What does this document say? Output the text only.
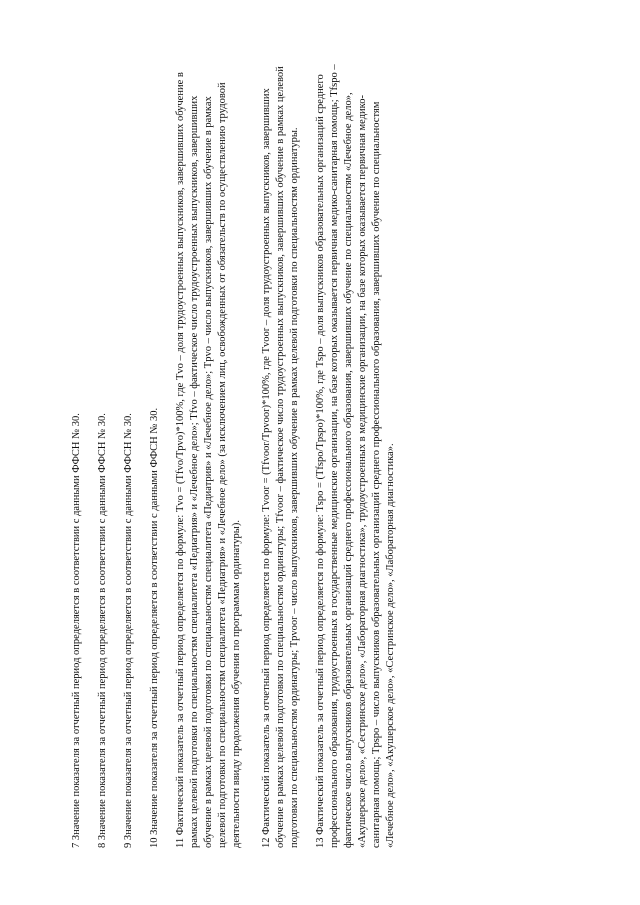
7 Значение показателя за отчетный период определяется в соответствии с данными ФФСН № 30. 8 Значение показателя за отчетный период определяется в соответствии с данными ФФСН № 30. 9 Значение показателя за отчетный период определяется в соответствии с данными ФФСН № 30. 10 Значение показателя за отчетный период определяется в соответствии с данными ФФСН № 30. 11 Фактический показатель за отчетный период определяется по формуле: Тvo = (Tfvo/Tpvo)*100%, где Тvo – доля трудоустроенных выпускников, завершивших обучение в рамках целевой подготовки по специальностям специалитета «Педиатрия» и «Лечебное дело»; Tfvo – фактическое число трудоустроенных выпускников, завершивших обучение в рамках целевой подготовки по специальностям специалитета «Педиатрия» и «Лечебное дело»; Tpvo – число выпускников, завершивших обучение в рамках целевой подготовки по специальностям специалитета «Педиатрия» и «Лечебное дело» (за исключением лиц, освобожденных от обязательств по осуществлению трудовой деятельности ввиду продолжения обучения по программам ординатуры). 12 Фактический показатель за отчетный период определяется по формуле: Тvoor = (Tfvoor/Tpvoor)*100%, где Тvoor – доля трудоустроенных выпускников, завершивших обучение в рамках целевой подготовки по специальностям ординатуры; Tfvoor – фактическое число трудоустроенных выпускников, завершивших обучение в рамках целевой подготовки по специальностям ординатуры; Tpvoor – число выпускников, завершивших обучение в рамках целевой подготовки по специальностям ординатуры. 13 Фактический показатель за отчетный период определяется по формуле: Тspo = (Tfspo/Tpspo)*100%, где Тspo – доля выпускников образовательных организаций среднего профессионального образования, трудоустроенных в государственные медицинские организации, на базе которых оказывается первичная медико-санитарная помощь; Tfspo – фактическое число выпускников образовательных организаций среднего профессионального образования, завершивших обучение по специальностям «Лечебное дело», «Акушерское дело», «Сестринское дело», «Лабораторная диагностика», трудоустроенных в медицинские организации, на базе которых оказывается первичная медико-санитарная помощь; Tpspo – число выпускников образовательных организаций среднего профессионального образования, завершивших обучение по специальностям «Лечебное дело», «Акушерское дело», «Сестринское дело», «Лабораторная диагностика».
